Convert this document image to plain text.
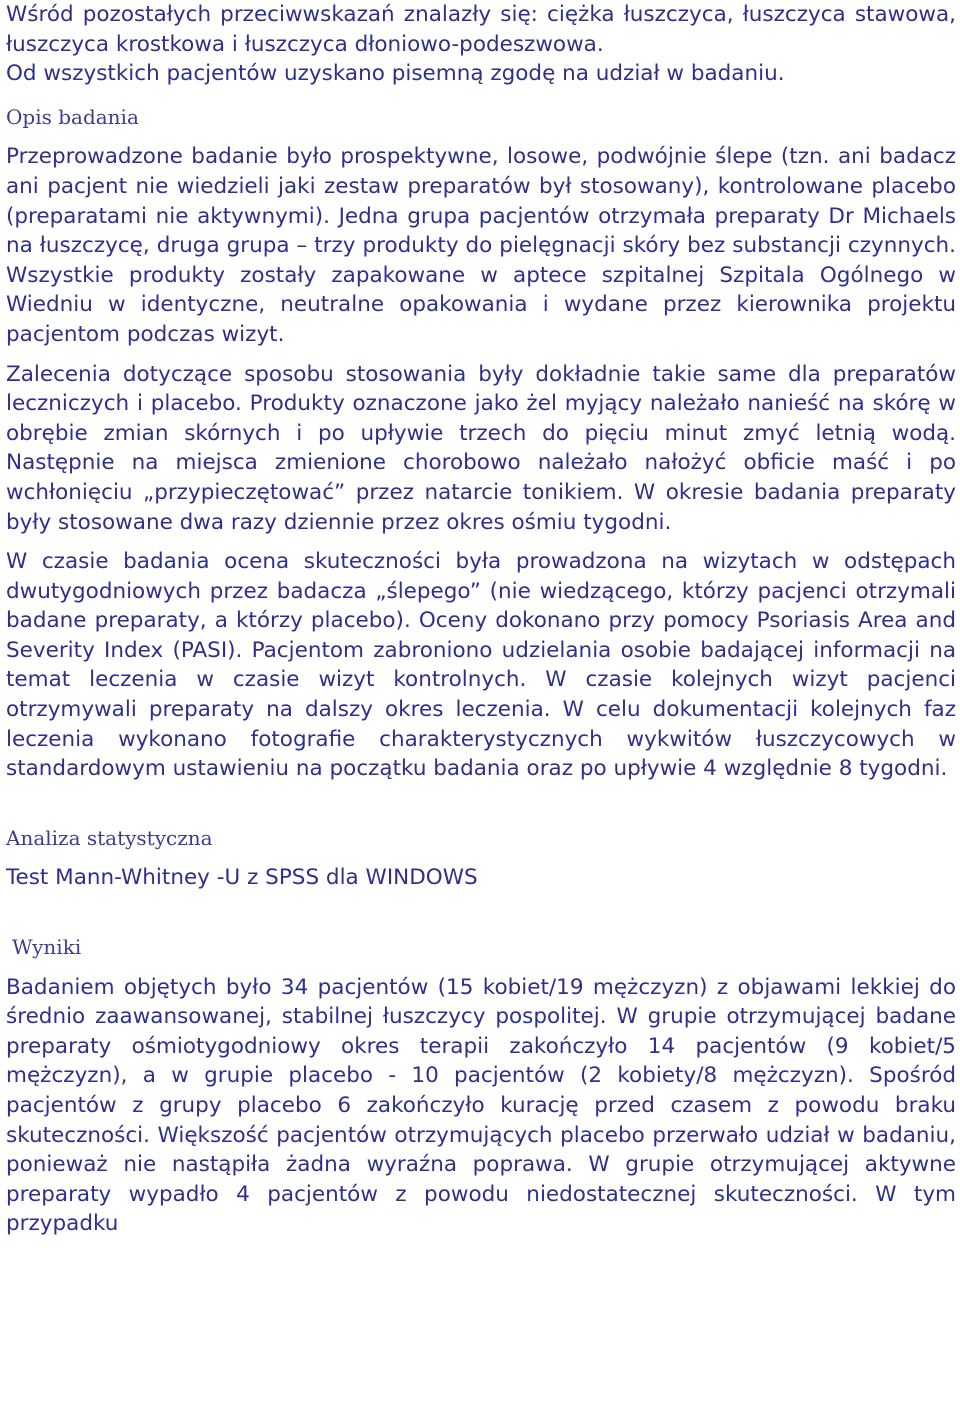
Wśród pozostałych przeciwwskazań znalazły się: ciężka łuszczyca, łuszczyca stawowa, łuszczyca krostkowa i łuszczyca dłoniowo-podeszwowa.

Od wszystkich pacjentów uzyskano pisemną zgodę na udział w badaniu.

Opis badania

Przeprowadzone badanie było prospektywne, losowe, podwójnie ślepe (tzn. ani badacz ani pacjent nie wiedzieli jaki zestaw preparatów był stosowany), kontrolowane placebo (preparatami nie aktywnymi). Jedna grupa pacjentów otrzymała preparaty Dr Michaels na łuszczycę, druga grupa – trzy produkty do pielęgnacji skóry bez substancji czynnych. Wszystkie produkty zostały zapakowane w aptece szpitalnej Szpitala Ogólnego w Wiedniu w identyczne, neutralne opakowania i wydane przez kierownika projektu pacjentom podczas wizyt.

Zalecenia dotyczące sposobu stosowania były dokładnie takie same dla preparatów leczniczych i placebo. Produkty oznaczone jako żel myjący należało nanieść na skórę w obrębie zmian skórnych i po upływie trzech do pięciu minut zmyć letnią wodą. Następnie na miejsca zmienione chorobowo należało nałożyć obficie maść i po wchłonięciu „przypieczętować” przez natarcie tonikiem. W okresie badania preparaty były stosowane dwa razy dziennie przez okres ośmiu tygodni.

W czasie badania ocena skuteczności była prowadzona na wizytach w odstępach dwutygodniowych przez badacza „ślepego” (nie wiedzącego, którzy pacjenci otrzymali badane preparaty, a którzy placebo). Oceny dokonano przy pomocy Psoriasis Area and Severity Index (PASI). Pacjentom zabroniono udzielania osobie badającej informacji na temat leczenia w czasie wizyt kontrolnych. W czasie kolejnych wizyt pacjenci otrzymywali preparaty na dalszy okres leczenia. W celu dokumentacji kolejnych faz leczenia wykonano fotografie charakterystycznych wykwitów łuszczycowych w standardowym ustawieniu na początku badania oraz po upływie 4 względnie 8 tygodni.

Analiza statystyczna

Test Mann-Whitney -U z SPSS dla WINDOWS

Wyniki

Badaniem objętych było 34 pacjentów (15 kobiet/19 mężczyzn) z objawami lekkiej do średnio zaawansowanej, stabilnej łuszczycy pospolitej. W grupie otrzymującej badane preparaty ośmiotygodniowy okres terapii zakończyło 14 pacjentów (9 kobiet/5 mężczyzn), a w grupie placebo - 10 pacjentów (2 kobiety/8 mężczyzn). Spośród pacjentów z grupy placebo 6 zakończyło kurację przed czasem z powodu braku skuteczności. Większość pacjentów otrzymujących placebo przerwało udział w badaniu, ponieważ nie nastąpiła żadna wyraźna poprawa. W grupie otrzymującej aktywne preparaty wypadło 4 pacjentów z powodu niedostatecznej skuteczności. W tym przypadku
